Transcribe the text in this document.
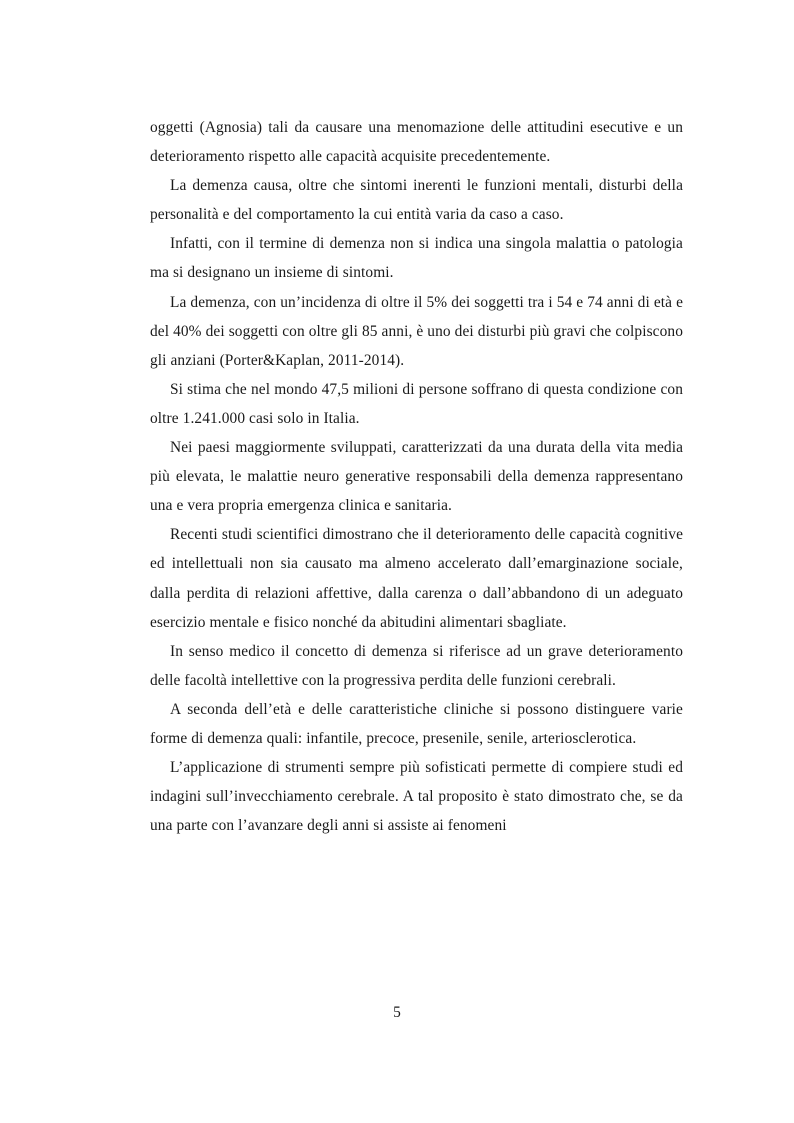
oggetti (Agnosia) tali da causare una menomazione delle attitudini esecutive e un deterioramento rispetto alle capacità acquisite precedentemente.

La demenza causa, oltre che sintomi inerenti le funzioni mentali, disturbi della personalità e del comportamento la cui entità varia da caso a caso.

Infatti, con il termine di demenza non si indica una singola malattia o patologia ma si designano un insieme di sintomi.

La demenza, con un’incidenza di oltre il 5% dei soggetti tra i 54 e 74 anni di età e del 40% dei soggetti con oltre gli 85 anni, è uno dei disturbi più gravi che colpiscono gli anziani (Porter&Kaplan, 2011-2014).

Si stima che nel mondo 47,5 milioni di persone soffrano di questa condizione con oltre 1.241.000 casi solo in Italia.

Nei paesi maggiormente sviluppati, caratterizzati da una durata della vita media più elevata, le malattie neuro generative responsabili della demenza rappresentano una e vera propria emergenza clinica e sanitaria.

Recenti studi scientifici dimostrano che il deterioramento delle capacità cognitive ed intellettuali non sia causato ma almeno accelerato dall’emarginazione sociale, dalla perdita di relazioni affettive, dalla carenza o dall’abbandono di un adeguato esercizio mentale e fisico nonché da abitudini alimentari sbagliate.

In senso medico il concetto di demenza si riferisce ad un grave deterioramento delle facoltà intellettive con la progressiva perdita delle funzioni cerebrali.

A seconda dell’età e delle caratteristiche cliniche si possono distinguere varie forme di demenza quali: infantile, precoce, presenile, senile, arteriosclerotica.

L’applicazione di strumenti sempre più sofisticati permette di compiere studi ed indagini sull’invecchiamento cerebrale. A tal proposito è stato dimostrato che, se da una parte con l’avanzare degli anni si assiste ai fenomeni

5
